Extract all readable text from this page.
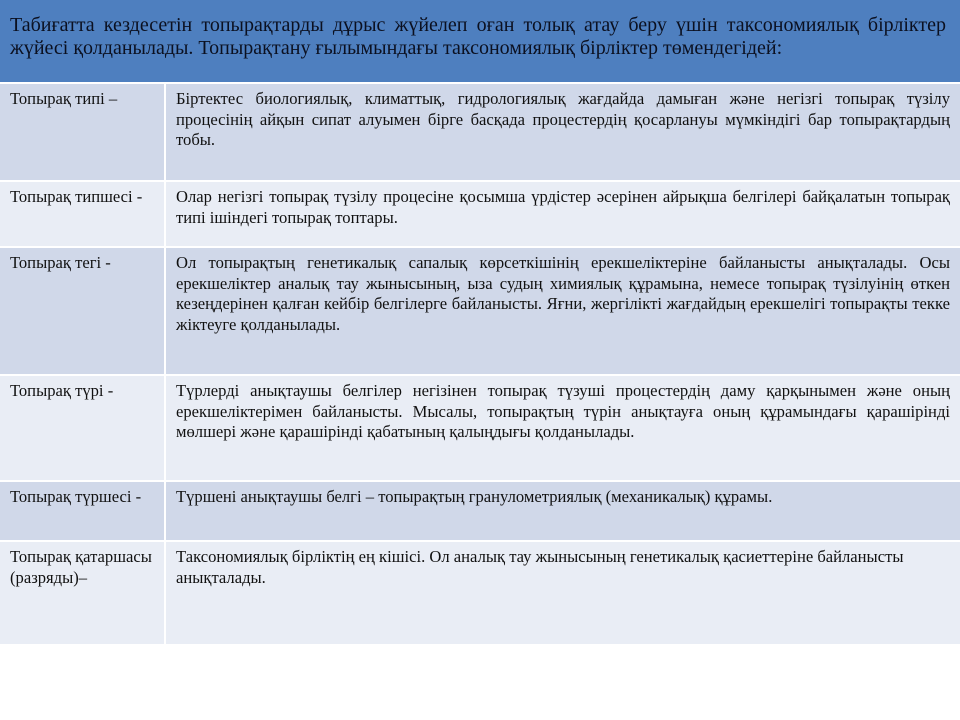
Табиғатта кездесетін топырақтарды дұрыс жүйелеп оған толық атау беру үшін таксономиялық бірліктер жүйесі қолданылады. Топырақтану ғылымындағы таксономиялық бірліктер төмендегідей:	
Топырақ типі –	Біртектес биологиялық, климаттық, гидрологиялық жағдайда дамыған және негізгі топырақ түзілу процесінің айқын сипат алуымен бірге басқада процестердің қосарлануы мүмкіндігі бар топырақтардың тобы.
Топырақ типшесі -	Олар негізгі топырақ түзілу процесіне қосымша үрдістер әсерінен айрықша белгілері байқалатын топырақ типі ішіндегі топырақ топтары.
Топырақ тегі -	Ол топырақтың генетикалық сапалық көрсеткішінің ерекшеліктеріне байланысты анықталады. Осы ерекшеліктер аналық тау жынысының, ыза судың химиялық құрамына, немесе топырақ түзілуінің өткен кезеңдерінен қалған кейбір белгілерге байланысты. Яғни, жергілікті жағдайдың ерекшелігі топырақты текке жіктеуге қолданылады.
Топырақ түрі -	Түрлерді анықтаушы белгілер негізінен топырақ түзуші процестердің даму қарқынымен және оның ерекшеліктерімен байланысты. Мысалы, топырақтың түрін анықтауға оның құрамындағы қарашірінді мөлшері және қарашірінді қабатының қалыңдығы қолданылады.
Топырақ түршесі -	Түршені анықтаушы белгі – топырақтың гранулометриялық (механикалық) құрамы.
Топырақ қатаршасы (разряды)–	Таксономиялық бірліктің ең кішісі. Ол аналық тау жынысының генетикалық қасиеттеріне байланысты анықталады.
